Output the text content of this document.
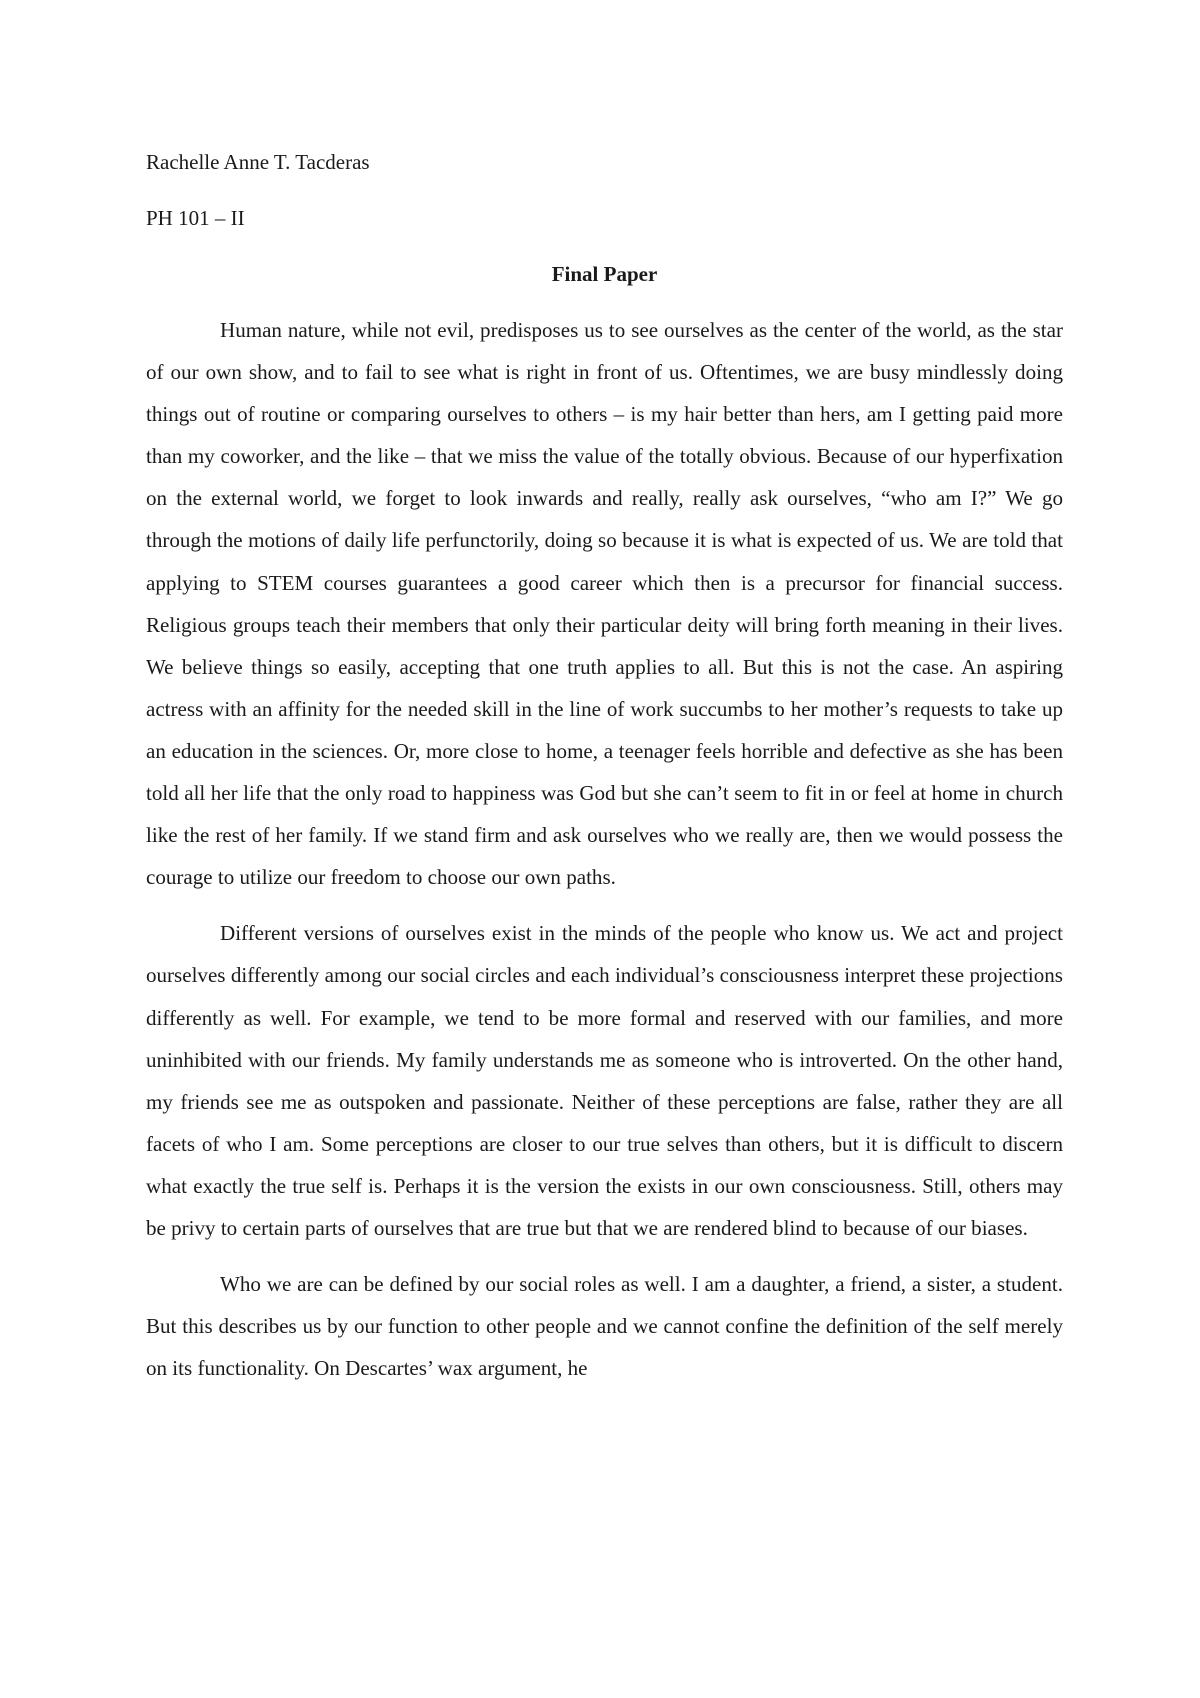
Rachelle Anne T. Tacderas
PH 101 – II
Final Paper

Human nature, while not evil, predisposes us to see ourselves as the center of the world, as the star of our own show, and to fail to see what is right in front of us. Oftentimes, we are busy mindlessly doing things out of routine or comparing ourselves to others – is my hair better than hers, am I getting paid more than my coworker, and the like – that we miss the value of the totally obvious. Because of our hyperfixation on the external world, we forget to look inwards and really, really ask ourselves, “who am I?” We go through the motions of daily life perfunctorily, doing so because it is what is expected of us. We are told that applying to STEM courses guarantees a good career which then is a precursor for financial success. Religious groups teach their members that only their particular deity will bring forth meaning in their lives. We believe things so easily, accepting that one truth applies to all. But this is not the case. An aspiring actress with an affinity for the needed skill in the line of work succumbs to her mother’s requests to take up an education in the sciences. Or, more close to home, a teenager feels horrible and defective as she has been told all her life that the only road to happiness was God but she can’t seem to fit in or feel at home in church like the rest of her family. If we stand firm and ask ourselves who we really are, then we would possess the courage to utilize our freedom to choose our own paths.

Different versions of ourselves exist in the minds of the people who know us. We act and project ourselves differently among our social circles and each individual’s consciousness interpret these projections differently as well. For example, we tend to be more formal and reserved with our families, and more uninhibited with our friends. My family understands me as someone who is introverted. On the other hand, my friends see me as outspoken and passionate. Neither of these perceptions are false, rather they are all facets of who I am. Some perceptions are closer to our true selves than others, but it is difficult to discern what exactly the true self is. Perhaps it is the version the exists in our own consciousness. Still, others may be privy to certain parts of ourselves that are true but that we are rendered blind to because of our biases.

Who we are can be defined by our social roles as well. I am a daughter, a friend, a sister, a student. But this describes us by our function to other people and we cannot confine the definition of the self merely on its functionality. On Descartes’ wax argument, he
